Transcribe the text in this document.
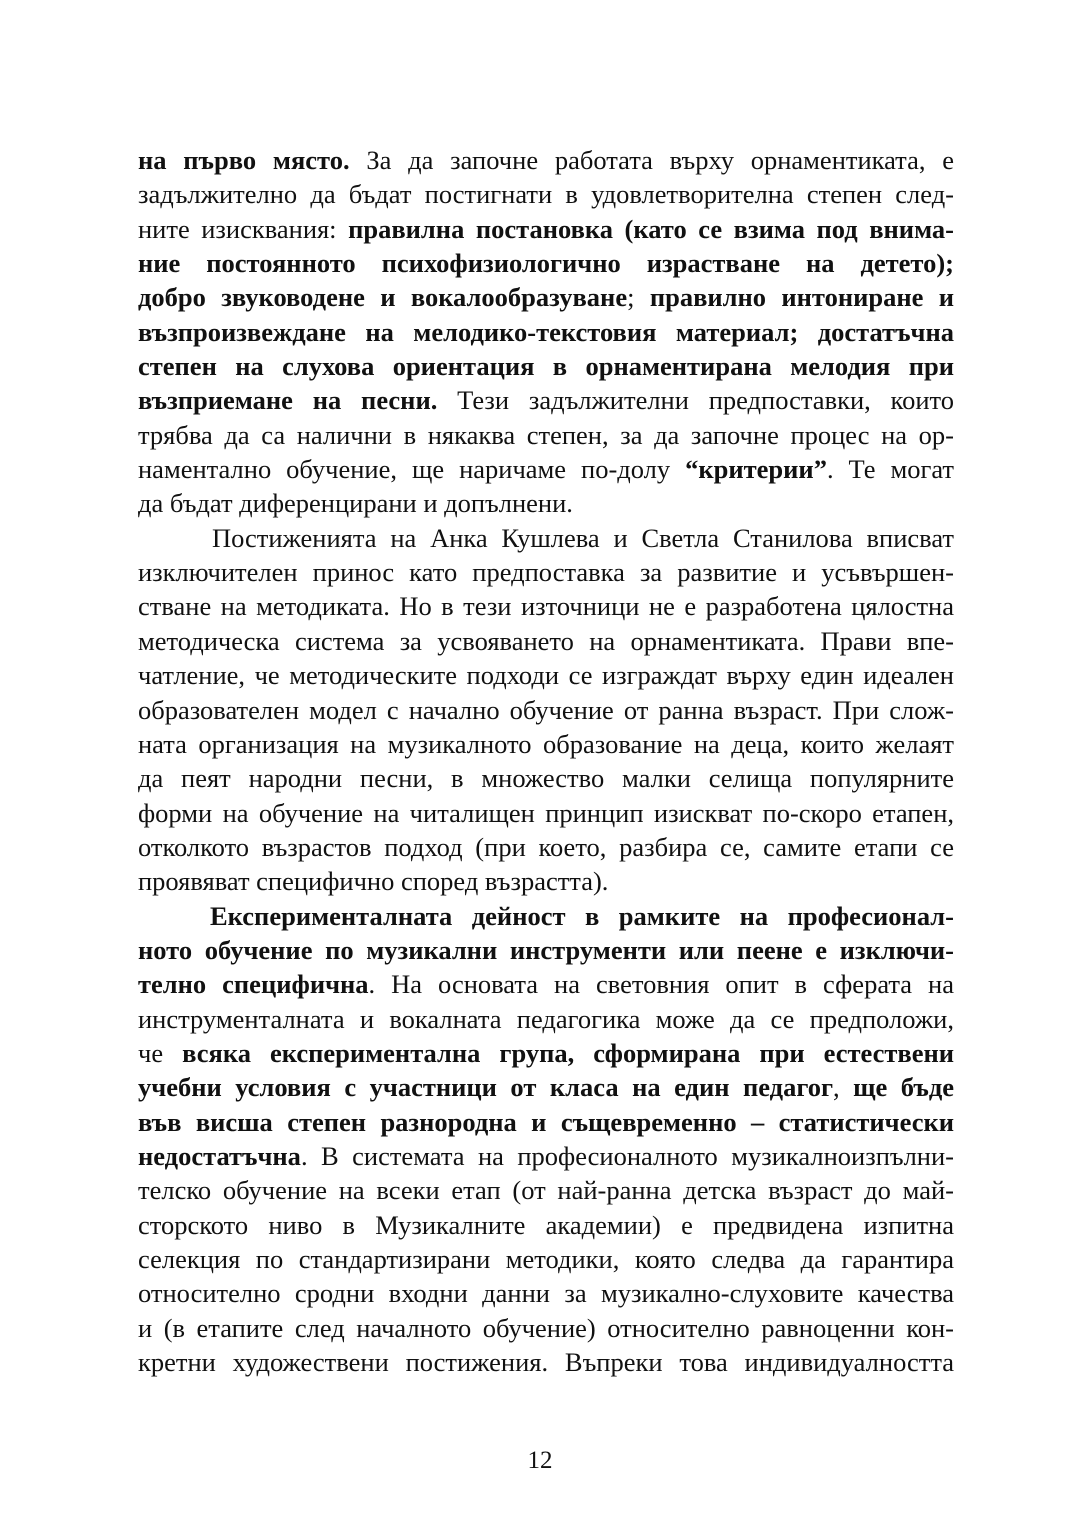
на първо място. За да започне работата върху орнаментиката, е
задължително да бъдат постигнати в удовлетворителна степен след-
ните изисквания: правилна постановка (като се взима под внима-
ние постоянното психофизиологично израстване на детето);
добро звуководене и вокалообразуване; правилно интониране и
възпроизвеждане на мелодико-текстовия материал; достатъчна
степен на слухова ориентация в орнаментирана мелодия при
възприемане на песни. Тези задължителни предпоставки, които
трябва да са налични в някаква степен, за да започне процес на ор-
наментално обучение, ще наричаме по-долу “критерии”. Те могат
да бъдат диференцирани и допълнени.
Постиженията на Анка Кушлева и Светла Станилова вписват
изключителен принос като предпоставка за развитие и усъвършен-
стване на методиката. Но в тези източници не е разработена цялостна
методическа система за усвояването на орнаментиката. Прави впе-
чатление, че методическите подходи се изграждат върху един идеален
образователен модел с начално обучение от ранна възраст. При слож-
ната организация на музикалното образование на деца, които желаят
да пеят народни песни, в множество малки селища популярните
форми на обучение на читалищен принцип изискват по-скоро етапен,
отколкото възрастов подход (при което, разбира се, самите етапи се
проявяват специфично според възрастта).
Експерименталната дейност в рамките на професионал-
ното обучение по музикални инструменти или пеене е изключи-
телно специфична. На основата на световния опит в сферата на
инструменталната и вокалната педагогика може да се предположи,
че всяка експериментална група, сформирана при естествени
учебни условия с участници от класа на един педагог, ще бъде
във висша степен разнородна и същевременно – статистически
недостатъчна. В системата на професионалното музикалноизпълни-
телско обучение на всеки етап (от най-ранна детска възраст до май-
сторското ниво в Музикалните академии) е предвидена изпитна
селекция по стандартизирани методики, която следва да гарантира
относително сродни входни данни за музикално-слуховите качества
и (в етапите след началното обучение) относително равноценни кон-
кретни художествени постижения. Въпреки това индивидуалността
12
